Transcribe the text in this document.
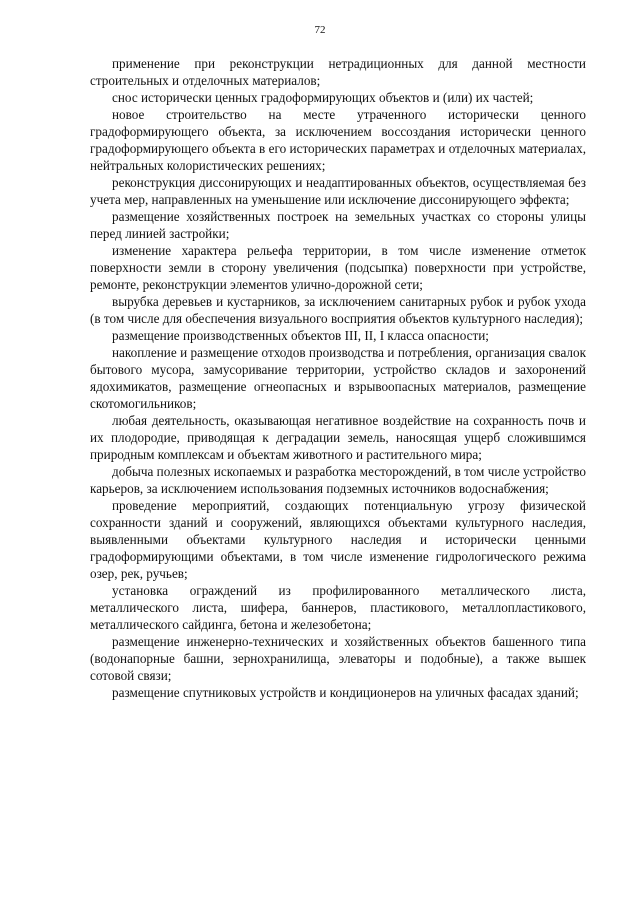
72

применение при реконструкции нетрадиционных для данной местности строительных и отделочных материалов;

снос исторически ценных градоформирующих объектов и (или) их частей;

новое строительство на месте утраченного исторически ценного градоформирующего объекта, за исключением воссоздания исторически ценного градоформирующего объекта в его исторических параметрах и отделочных материалах, нейтральных колористических решениях;

реконструкция диссонирующих и неадаптированных объектов, осуществляемая без учета мер, направленных на уменьшение или исключение диссонирующего эффекта;

размещение хозяйственных построек на земельных участках со стороны улицы перед линией застройки;

изменение характера рельефа территории, в том числе изменение отметок поверхности земли в сторону увеличения (подсыпка) поверхности при устройстве, ремонте, реконструкции элементов улично-дорожной сети;

вырубка деревьев и кустарников, за исключением санитарных рубок и рубок ухода (в том числе для обеспечения визуального восприятия объектов культурного наследия);

размещение производственных объектов III, II, I класса опасности;

накопление и размещение отходов производства и потребления, организация свалок бытового мусора, замусоривание территории, устройство складов и захоронений ядохимикатов, размещение огнеопасных и взрывоопасных материалов, размещение скотомогильников;

любая деятельность, оказывающая негативное воздействие на сохранность почв и их плодородие, приводящая к деградации земель, наносящая ущерб сложившимся природным комплексам и объектам животного и растительного мира;

добыча полезных ископаемых и разработка месторождений, в том числе устройство карьеров, за исключением использования подземных источников водоснабжения;

проведение мероприятий, создающих потенциальную угрозу физической сохранности зданий и сооружений, являющихся объектами культурного наследия, выявленными объектами культурного наследия и исторически ценными градоформирующими объектами, в том числе изменение гидрологического режима озер, рек, ручьев;

установка ограждений из профилированного металлического листа, металлического листа, шифера, баннеров, пластикового, металлопластикового, металлического сайдинга, бетона и железобетона;

размещение инженерно-технических и хозяйственных объектов башенного типа (водонапорные башни, зернохранилища, элеваторы и подобные), а также вышек сотовой связи;

размещение спутниковых устройств и кондиционеров на уличных фасадах зданий;
